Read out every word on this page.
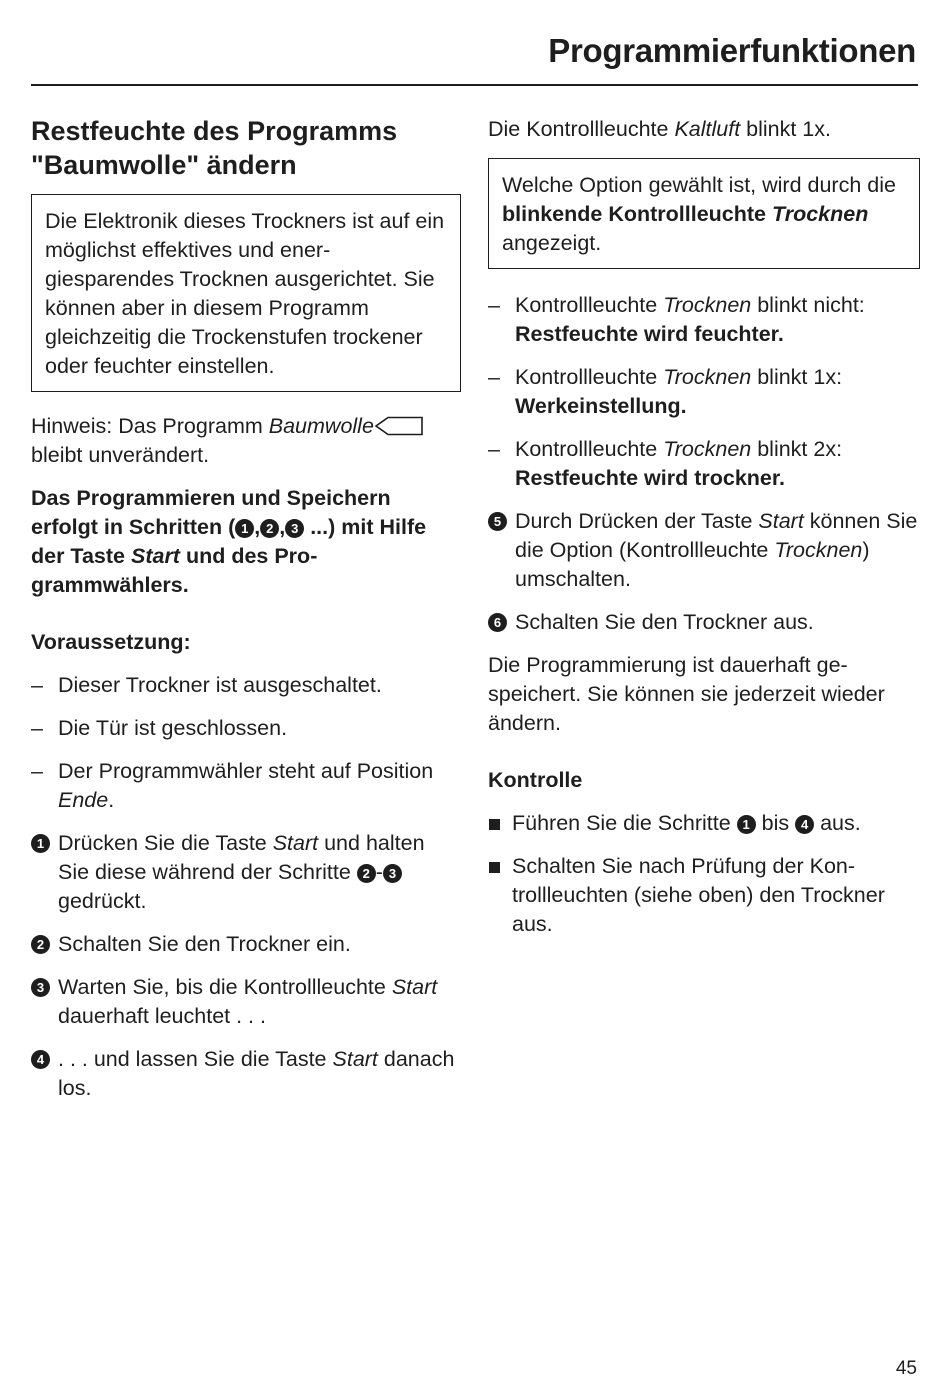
Programmierfunktionen
Restfeuchte des Programms
"Baumwolle" ändern
Die Elektronik dieses Trockners ist auf ein möglichst effektives und energiesparendes Trocknen ausgerichtet. Sie können aber in diesem Programm gleichzeitig die Trockenstufen trockener oder feuchter einstellen.

Hinweis: Das Programm Baumwolle bleibt unverändert.

Das Programmieren und Speichern erfolgt in Schritten ( 1 , 2 , 3 ...) mit Hilfe der Taste Start und des Programmwählers.

Voraussetzung:
– Dieser Trockner ist ausgeschaltet.
– Die Tür ist geschlossen.
– Der Programmwähler steht auf Position Ende.
1 Drücken Sie die Taste Start und halten Sie diese während der Schritte 2 - 3 gedrückt.
2 Schalten Sie den Trockner ein.
3 Warten Sie, bis die Kontrollleuchte Start dauerhaft leuchtet . . .
4 . . . und lassen Sie die Taste Start danach los.

Die Kontrollleuchte Kaltluft blinkt 1x.

Welche Option gewählt ist, wird durch die blinkende Kontrollleuchte Trocknen angezeigt.
– Kontrollleuchte Trocknen blinkt nicht:
Restfeuchte wird feuchter.
– Kontrollleuchte Trocknen blinkt 1x:
Werkeinstellung.
– Kontrollleuchte Trocknen blinkt 2x:
Restfeuchte wird trockner.
5 Durch Drücken der Taste Start können Sie die Option (Kontrollleuchte Trocknen) umschalten.
6 Schalten Sie den Trockner aus.

Die Programmierung ist dauerhaft gespeichert. Sie können sie jederzeit wieder ändern.

Kontrolle
Führen Sie die Schritte 1 bis 4 aus.
Schalten Sie nach Prüfung der Kontrollleuchten (siehe oben) den Trockner aus.
45
